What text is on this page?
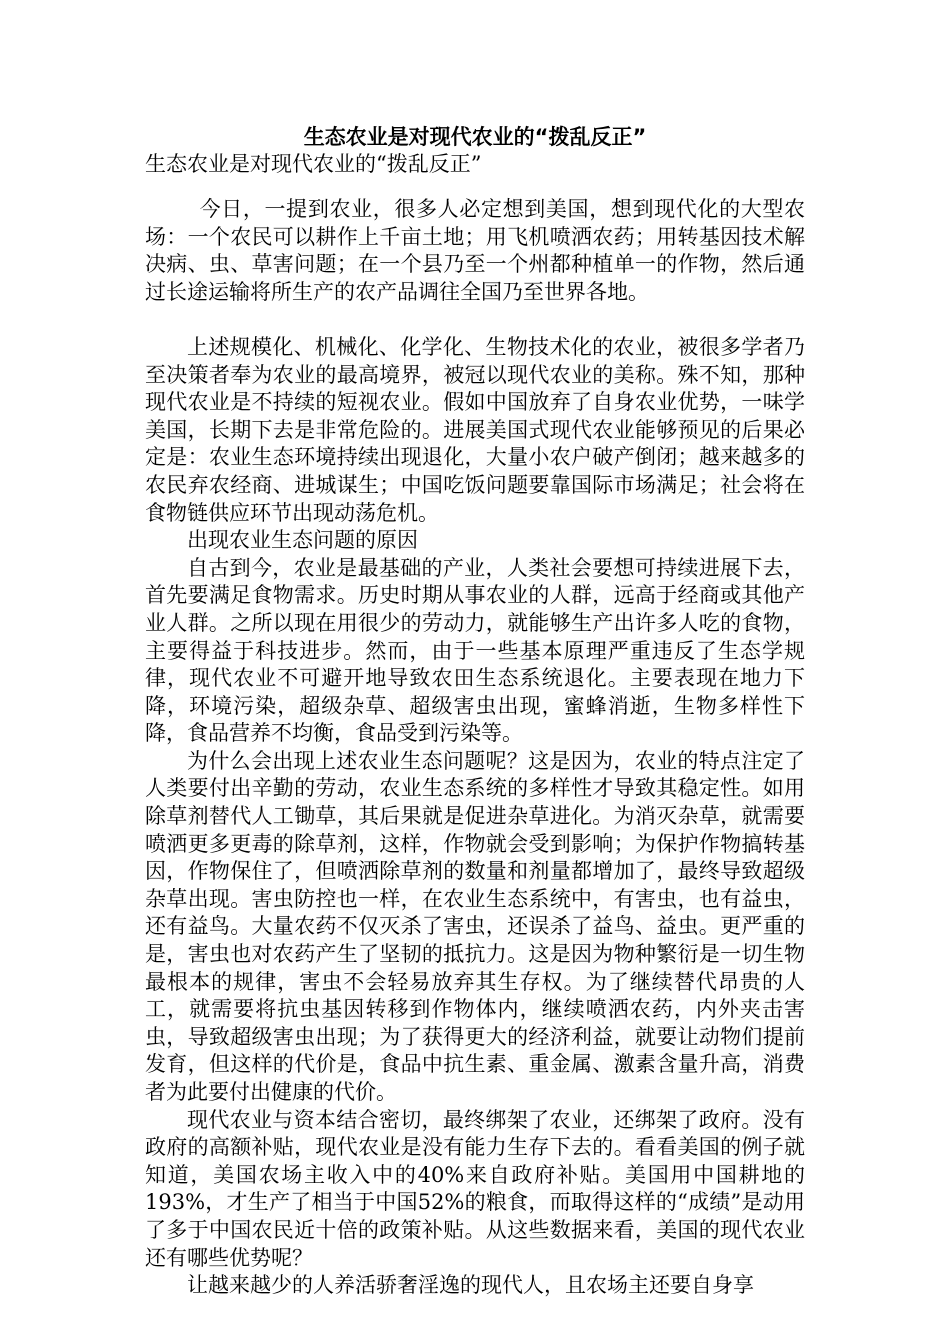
生态农业是对现代农业的“拨乱反正”
生态农业是对现代农业的“拨乱反正”

今日，一提到农业，很多人必定想到美国，想到现代化的大型农场：一个农民可以耕作上千亩土地；用飞机喷洒农药；用转基因技术解决病、虫、草害问题；在一个县乃至一个州都种植单一的作物，然后通过长途运输将所生产的农产品调往全国乃至世界各地。

上述规模化、机械化、化学化、生物技术化的农业，被很多学者乃至决策者奉为农业的最高境界，被冠以现代农业的美称。殊不知，那种现代农业是不持续的短视农业。假如中国放弃了自身农业优势，一味学美国，长期下去是非常危险的。进展美国式现代农业能够预见的后果必定是：农业生态环境持续出现退化，大量小农户破产倒闭；越来越多的农民弃农经商、进城谋生；中国吃饭问题要靠国际市场满足；社会将在食物链供应环节出现动荡危机。

出现农业生态问题的原因

自古到今，农业是最基础的产业，人类社会要想可持续进展下去，首先要满足食物需求。历史时期从事农业的人群，远高于经商或其他产业人群。之所以现在用很少的劳动力，就能够生产出许多人吃的食物，主要得益于科技进步。然而，由于一些基本原理严重违反了生态学规律，现代农业不可避开地导致农田生态系统退化。主要表现在地力下降，环境污染，超级杂草、超级害虫出现，蜜蜂消逝，生物多样性下降，食品营养不均衡，食品受到污染等。

为什么会出现上述农业生态问题呢？这是因为，农业的特点注定了人类要付出辛勤的劳动，农业生态系统的多样性才导致其稳定性。如用除草剂替代人工锄草，其后果就是促进杂草进化。为消灭杂草，就需要喷洒更多更毒的除草剂，这样，作物就会受到影响；为保护作物搞转基因，作物保住了，但喷洒除草剂的数量和剂量都增加了，最终导致超级杂草出现。害虫防控也一样，在农业生态系统中，有害虫，也有益虫，还有益鸟。大量农药不仅灭杀了害虫，还误杀了益鸟、益虫。更严重的是，害虫也对农药产生了坚韧的抵抗力。这是因为物种繁衍是一切生物最根本的规律，害虫不会轻易放弃其生存权。为了继续替代昂贵的人工，就需要将抗虫基因转移到作物体内，继续喷洒农药，内外夹击害虫，导致超级害虫出现；为了获得更大的经济利益，就要让动物们提前发育，但这样的代价是，食品中抗生素、重金属、激素含量升高，消费者为此要付出健康的代价。

现代农业与资本结合密切，最终绑架了农业，还绑架了政府。没有政府的高额补贴，现代农业是没有能力生存下去的。看看美国的例子就知道，美国农场主收入中的40%来自政府补贴。美国用中国耕地的193%，才生产了相当于中国52%的粮食，而取得这样的“成绩”是动用了多于中国农民近十倍的政策补贴。从这些数据来看，美国的现代农业还有哪些优势呢？

让越来越少的人养活骄奢淫逸的现代人，且农场主还要自身享
